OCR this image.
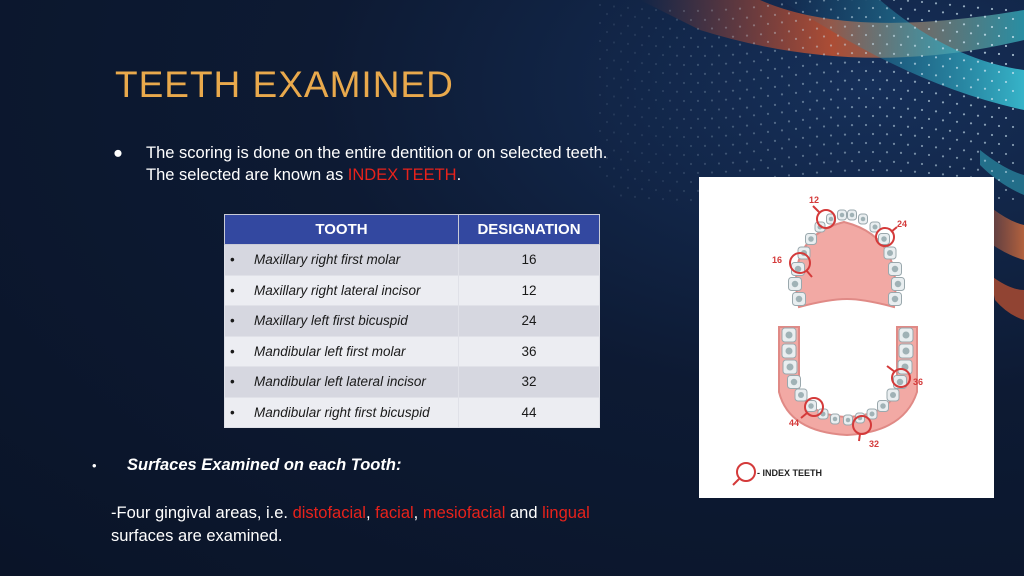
TEETH EXAMINED
● The scoring is done on the entire dentition or on selected teeth.
The selected are known as INDEX TEETH.
TOOTH	DESIGNATION
• Maxillary right first molar	16
• Maxillary right lateral incisor	12
• Maxillary left first bicuspid	24
• Mandibular left first molar	36
• Mandibular left lateral incisor	32
• Mandibular right first bicuspid	44
• Surfaces Examined on each Tooth:
-Four gingival areas, i.e. distofacial, facial, mesiofacial and lingual
surfaces are examined.
12
24
16
36
44
32
- INDEX TEETH
